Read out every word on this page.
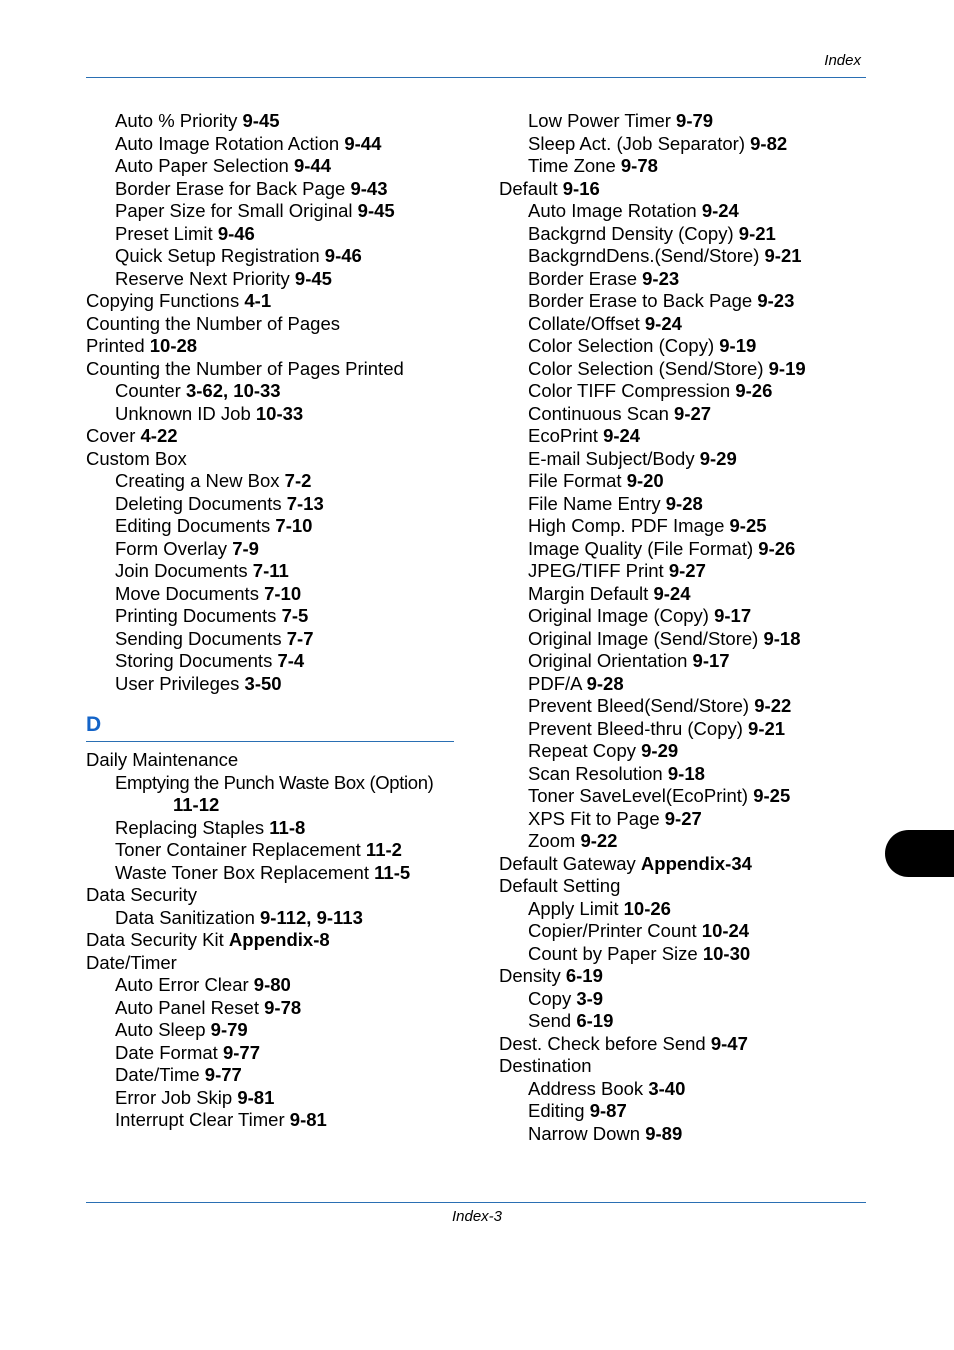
Index
Auto % Priority 9-45
Auto Image Rotation Action 9-44
Auto Paper Selection 9-44
Border Erase for Back Page 9-43
Paper Size for Small Original 9-45
Preset Limit 9-46
Quick Setup Registration 9-46
Reserve Next Priority 9-45
Copying Functions 4-1
Counting the Number of Pages
Printed 10-28
Counting the Number of Pages Printed
Counter 3-62, 10-33
Unknown ID Job 10-33
Cover 4-22
Custom Box
Creating a New Box 7-2
Deleting Documents 7-13
Editing Documents 7-10
Form Overlay 7-9
Join Documents 7-11
Move Documents 7-10
Printing Documents 7-5
Sending Documents 7-7
Storing Documents 7-4
User Privileges 3-50
D
Daily Maintenance
Emptying the Punch Waste Box (Option)
11-12
Replacing Staples 11-8
Toner Container Replacement 11-2
Waste Toner Box Replacement 11-5
Data Security
Data Sanitization 9-112, 9-113
Data Security Kit Appendix-8
Date/Timer
Auto Error Clear 9-80
Auto Panel Reset 9-78
Auto Sleep 9-79
Date Format 9-77
Date/Time 9-77
Error Job Skip 9-81
Interrupt Clear Timer 9-81
Low Power Timer 9-79
Sleep Act. (Job Separator) 9-82
Time Zone 9-78
Default 9-16
Auto Image Rotation 9-24
Backgrnd Density (Copy) 9-21
BackgrndDens.(Send/Store) 9-21
Border Erase 9-23
Border Erase to Back Page 9-23
Collate/Offset 9-24
Color Selection (Copy) 9-19
Color Selection (Send/Store) 9-19
Color TIFF Compression 9-26
Continuous Scan 9-27
EcoPrint 9-24
E-mail Subject/Body 9-29
File Format 9-20
File Name Entry 9-28
High Comp. PDF Image 9-25
Image Quality (File Format) 9-26
JPEG/TIFF Print 9-27
Margin Default 9-24
Original Image (Copy) 9-17
Original Image (Send/Store) 9-18
Original Orientation 9-17
PDF/A 9-28
Prevent Bleed(Send/Store) 9-22
Prevent Bleed-thru (Copy) 9-21
Repeat Copy 9-29
Scan Resolution 9-18
Toner SaveLevel(EcoPrint) 9-25
XPS Fit to Page 9-27
Zoom 9-22
Default Gateway Appendix-34
Default Setting
Apply Limit 10-26
Copier/Printer Count 10-24
Count by Paper Size 10-30
Density 6-19
Copy 3-9
Send 6-19
Dest. Check before Send 9-47
Destination
Address Book 3-40
Editing 9-87
Narrow Down 9-89
Index-3
